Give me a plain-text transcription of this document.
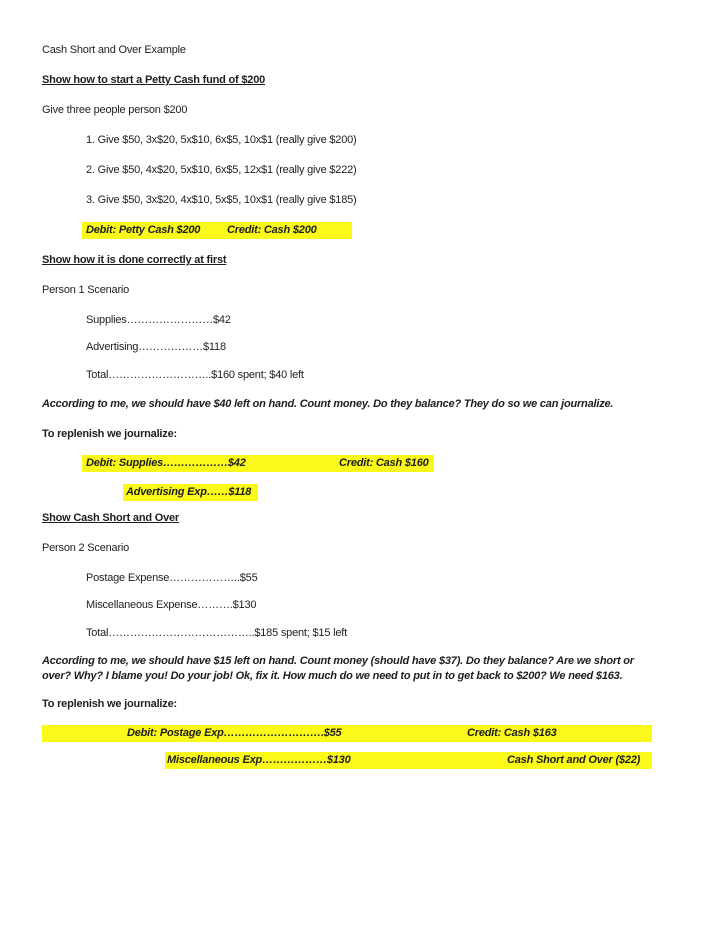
Cash Short and Over Example
Show how to start a Petty Cash fund of $200
Give three people person $200
1. Give $50, 3x$20, 5x$10, 6x$5, 10x$1 (really give $200)
2. Give $50, 4x$20, 5x$10, 6x$5, 12x$1 (really give $222)
3. Give $50, 3x$20, 4x$10, 5x$5, 10x$1 (really give $185)
Debit: Petty Cash $200 Credit: Cash $200
Show how it is done correctly at first
Person 1 Scenario
Supplies……………………$42
Advertising………………$118
Total………………………..$160 spent; $40 left
According to me, we should have $40 left on hand. Count money. Do they balance? They do so we can journalize.
To replenish we journalize:
Debit: Supplies………………$42	Credit: Cash $160
Advertising Exp……$118
Show Cash Short and Over
Person 2 Scenario
Postage Expense………………..$55
Miscellaneous Expense……….$130
Total…………………………………..$185 spent; $15 left
According to me, we should have $15 left on hand. Count money (should have $37). Do they balance? Are we short or
over? Why? I blame you! Do your job! Ok, fix it. How much do we need to put in to get back to $200? We need $163.
To replenish we journalize:
Debit: Postage Exp……………………….$55	Credit: Cash $163
Miscellaneous Exp………………$130	Cash Short and Over ($22)
